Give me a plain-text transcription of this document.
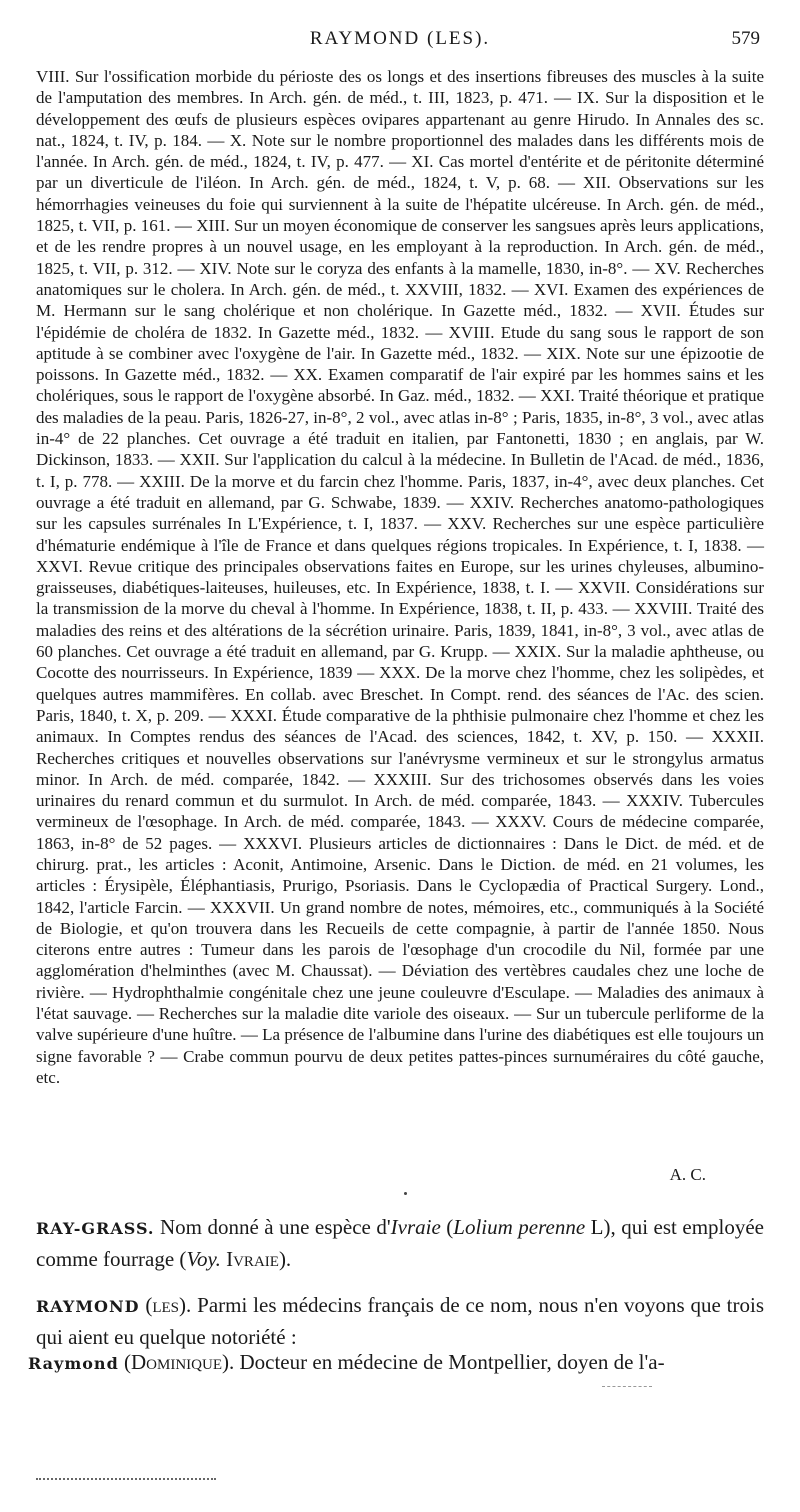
RAYMOND (LES).	579

VIII. Sur l'ossification morbide du périoste des os longs et des insertions fibreuses des muscles à la suite de l'amputation des membres. In Arch. gén. de méd., t. III, 1823, p. 471. — IX. Sur la disposition et le développement des œufs de plusieurs espèces ovipares appartenant au genre Hirudo. In Annales des sc. nat., 1824, t. IV, p. 184. — X. Note sur le nombre proportionnel des malades dans les différents mois de l'année. In Arch. gén. de méd., 1824, t. IV, p. 477. — XI. Cas mortel d'entérite et de péritonite déterminé par un diverticule de l'iléon. In Arch. gén. de méd., 1824, t. V, p. 68. — XII. Observations sur les hémorrhagies veineuses du foie qui surviennent à la suite de l'hépatite ulcéreuse. In Arch. gén. de méd., 1825, t. VII, p. 161. — XIII. Sur un moyen économique de conserver les sangsues après leurs applications, et de les rendre propres à un nouvel usage, en les employant à la reproduction. In Arch. gén. de méd., 1825, t. VII, p. 312. — XIV. Note sur le coryza des enfants à la mamelle, 1830, in-8°. — XV. Recherches anatomiques sur le cholera. In Arch. gén. de méd., t. XXVIII, 1832. — XVI. Examen des expériences de M. Hermann sur le sang cholérique et non cholérique. In Gazette méd., 1832. — XVII. Études sur l'épidémie de choléra de 1832. In Gazette méd., 1832. — XVIII. Etude du sang sous le rapport de son aptitude à se combiner avec l'oxygène de l'air. In Gazette méd., 1832. — XIX. Note sur une épizootie de poissons. In Gazette méd., 1832. — XX. Examen comparatif de l'air expiré par les hommes sains et les cholériques, sous le rapport de l'oxygène absorbé. In Gaz. méd., 1832. — XXI. Traité théorique et pratique des maladies de la peau. Paris, 1826-27, in-8°, 2 vol., avec atlas in-8° ; Paris, 1835, in-8°, 3 vol., avec atlas in-4° de 22 planches. Cet ouvrage a été traduit en italien, par Fantonetti, 1830 ; en anglais, par W. Dickinson, 1833. — XXII. Sur l'application du calcul à la médecine. In Bulletin de l'Acad. de méd., 1836, t. I, p. 778. — XXIII. De la morve et du farcin chez l'homme. Paris, 1837, in-4°, avec deux planches. Cet ouvrage a été traduit en allemand, par G. Schwabe, 1839. — XXIV. Recherches anatomo-pathologiques sur les capsules surrénales In L'Expérience, t. I, 1837. — XXV. Recherches sur une espèce particulière d'hématurie endémique à l'île de France et dans quelques régions tropicales. In Expérience, t. I, 1838. — XXVI. Revue critique des principales observations faites en Europe, sur les urines chyleuses, albumino-graisseuses, diabétiques-laiteuses, huileuses, etc. In Expérience, 1838, t. I. — XXVII. Considérations sur la transmission de la morve du cheval à l'homme. In Expérience, 1838, t. II, p. 433. — XXVIII. Traité des maladies des reins et des altérations de la sécrétion urinaire. Paris, 1839, 1841, in-8°, 3 vol., avec atlas de 60 planches. Cet ouvrage a été traduit en allemand, par G. Krupp. — XXIX. Sur la maladie aphtheuse, ou Cocotte des nourrisseurs. In Expérience, 1839 — XXX. De la morve chez l'homme, chez les solipèdes, et quelques autres mammifères. En collab. avec Breschet. In Compt. rend. des séances de l'Ac. des scien. Paris, 1840, t. X, p. 209. — XXXI. Étude comparative de la phthisie pulmonaire chez l'homme et chez les animaux. In Comptes rendus des séances de l'Acad. des sciences, 1842, t. XV, p. 150. — XXXII. Recherches critiques et nouvelles observations sur l'anévrysme vermineux et sur le strongylus armatus minor. In Arch. de méd. comparée, 1842. — XXXIII. Sur des trichosomes observés dans les voies urinaires du renard commun et du surmulot. In Arch. de méd. comparée, 1843. — XXXIV. Tubercules vermineux de l'œsophage. In Arch. de méd. comparée, 1843. — XXXV. Cours de médecine comparée, 1863, in-8° de 52 pages. — XXXVI. Plusieurs articles de dictionnaires : Dans le Dict. de méd. et de chirurg. prat., les articles : Aconit, Antimoine, Arsenic. Dans le Diction. de méd. en 21 volumes, les articles : Érysipèle, Éléphantiasis, Prurigo, Psoriasis. Dans le Cyclopædia of Practical Surgery. Lond., 1842, l'article Farcin. — XXXVII. Un grand nombre de notes, mémoires, etc., communiqués à la Société de Biologie, et qu'on trouvera dans les Recueils de cette compagnie, à partir de l'année 1850. Nous citerons entre autres : Tumeur dans les parois de l'œsophage d'un crocodile du Nil, formée par une agglomération d'helminthes (avec M. Chaussat). — Déviation des vertèbres caudales chez une loche de rivière. — Hydrophthalmie congénitale chez une jeune couleuvre d'Esculape. — Maladies des animaux à l'état sauvage. — Recherches sur la maladie dite variole des oiseaux. — Sur un tubercule perliforme de la valve supérieure d'une huître. — La présence de l'albumine dans l'urine des diabétiques est elle toujours un signe favorable ? — Crabe commun pourvu de deux petites pattes-pinces surnuméraires du côté gauche, etc.

A. C.

RAY-GRASS. Nom donné à une espèce d'Ivraie (Lolium perenne L), qui est employée comme fourrage (Voy. Ivraie).

RAYMOND (les). Parmi les médecins français de ce nom, nous n'en voyons que trois qui aient eu quelque notoriété :

Raymond (Dominique). Docteur en médecine de Montpellier, doyen de l'a-
